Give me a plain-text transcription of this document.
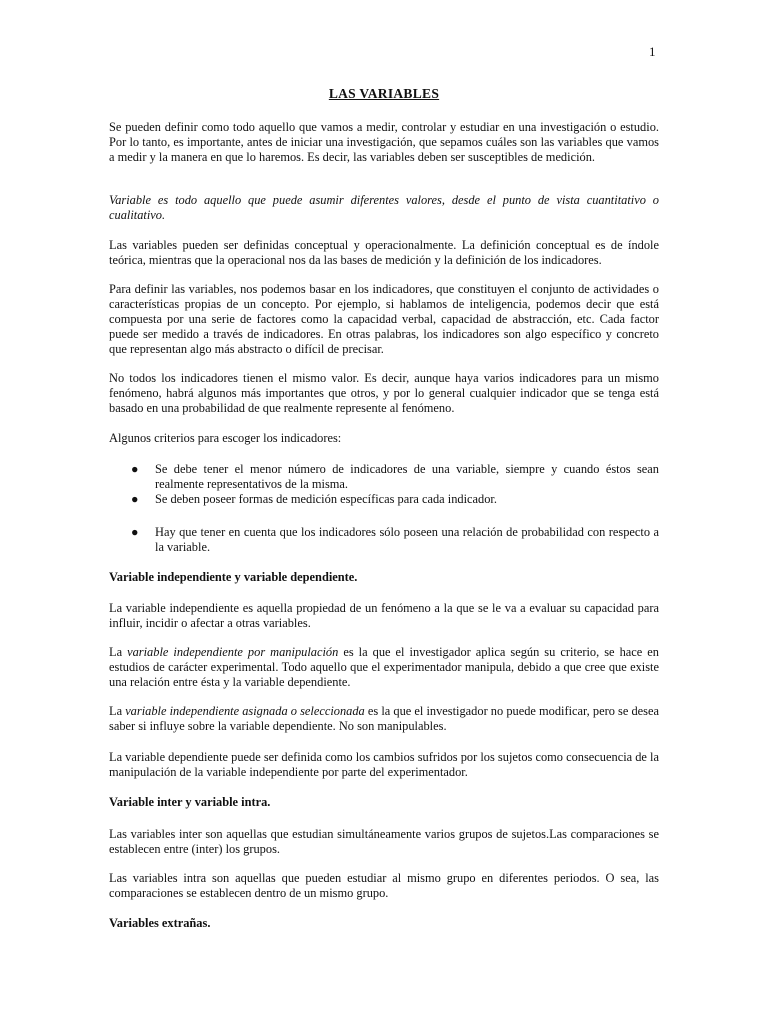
1
LAS VARIABLES

Se pueden definir como todo aquello que vamos a medir, controlar y estudiar en una investigación o estudio. Por lo tanto, es importante, antes de iniciar una investigación, que sepamos cuáles son las variables que vamos a medir y la manera en que lo haremos. Es decir, las variables deben ser susceptibles de medición.

Variable es todo aquello que puede asumir diferentes valores, desde el punto de vista cuantitativo o cualitativo.

Las variables pueden ser definidas conceptual y operacionalmente. La definición conceptual es de índole teórica, mientras que la operacional nos da las bases de medición y la definición de los indicadores.

Para definir las variables, nos podemos basar en los indicadores, que constituyen el conjunto de actividades o características propias de un concepto. Por ejemplo, si hablamos de inteligencia, podemos decir que está compuesta por una serie de factores como la capacidad verbal, capacidad de abstracción, etc. Cada factor puede ser medido a través de indicadores. En otras palabras, los indicadores son algo específico y concreto que representan algo más abstracto o difícil de precisar.

No todos los indicadores tienen el mismo valor. Es decir, aunque haya varios indicadores para un mismo fenómeno, habrá algunos más importantes que otros, y por lo general cualquier indicador que se tenga está basado en una probabilidad de que realmente represente al fenómeno.

Algunos criterios para escoger los indicadores:

● Se debe tener el menor número de indicadores de una variable, siempre y cuando éstos sean realmente representativos de la misma.
● Se deben poseer formas de medición específicas para cada indicador.
● Hay que tener en cuenta que los indicadores sólo poseen una relación de probabilidad con respecto a la variable.

Variable independiente y variable dependiente.

La variable independiente es aquella propiedad de un fenómeno a la que se le va a evaluar su capacidad para influir, incidir o afectar a otras variables.

La variable independiente por manipulación es la que el investigador aplica según su criterio, se hace en estudios de carácter experimental. Todo aquello que el experimentador manipula, debido a que cree que existe una relación entre ésta y la variable dependiente.

La variable independiente asignada o seleccionada es la que el investigador no puede modificar, pero se desea saber si influye sobre la variable dependiente. No son manipulables.

La variable dependiente puede ser definida como los cambios sufridos por los sujetos como consecuencia de la manipulación de la variable independiente por parte del experimentador.

Variable inter y variable intra.

Las variables inter son aquellas que estudian simultáneamente varios grupos de sujetos.Las comparaciones se establecen entre (inter) los grupos.

Las variables intra son aquellas que pueden estudiar al mismo grupo en diferentes periodos. O sea, las comparaciones se establecen dentro de un mismo grupo.

Variables extrañas.
